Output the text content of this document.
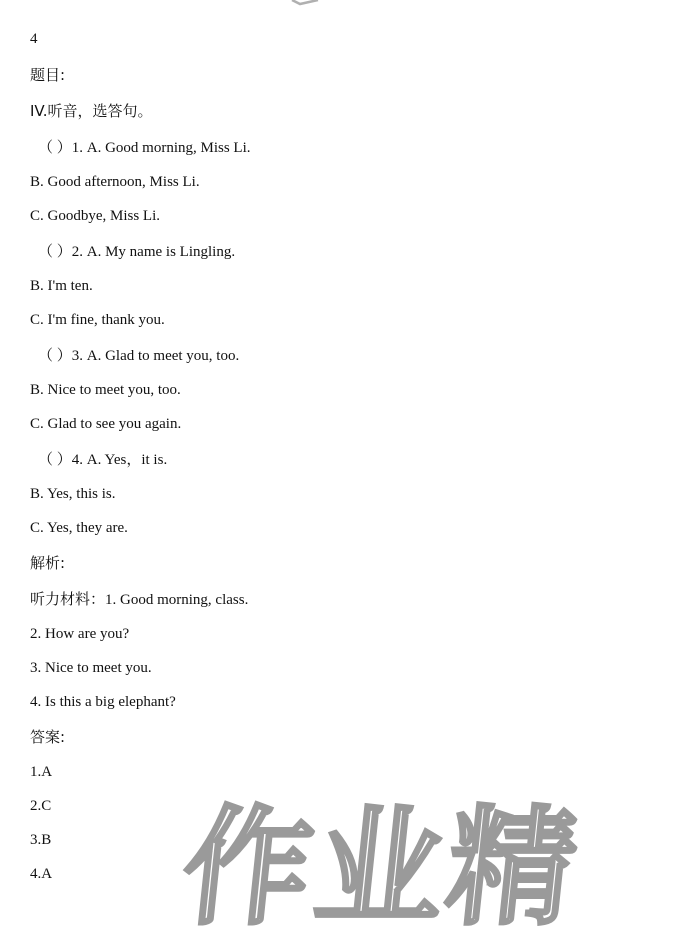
4
题目:
IV.听音，选答句。
（ ）1. A. Good morning, Miss Li.
B. Good afternoon, Miss Li.
C. Goodbye, Miss Li.
（ ）2. A. My name is Lingling.
B. I'm ten.
C. I'm fine, thank you.
（ ）3. A. Glad to meet you, too.
B. Nice to meet you, too.
C. Glad to see you again.
（ ）4. A. Yes，it is.
B. Yes, this is.
C. Yes, they are.
解析:
听力材料：1. Good morning, class.
2. How are you?
3. Nice to meet you.
4. Is this a big elephant?
答案:
1.A
2.C
3.B
4.A 作业精
